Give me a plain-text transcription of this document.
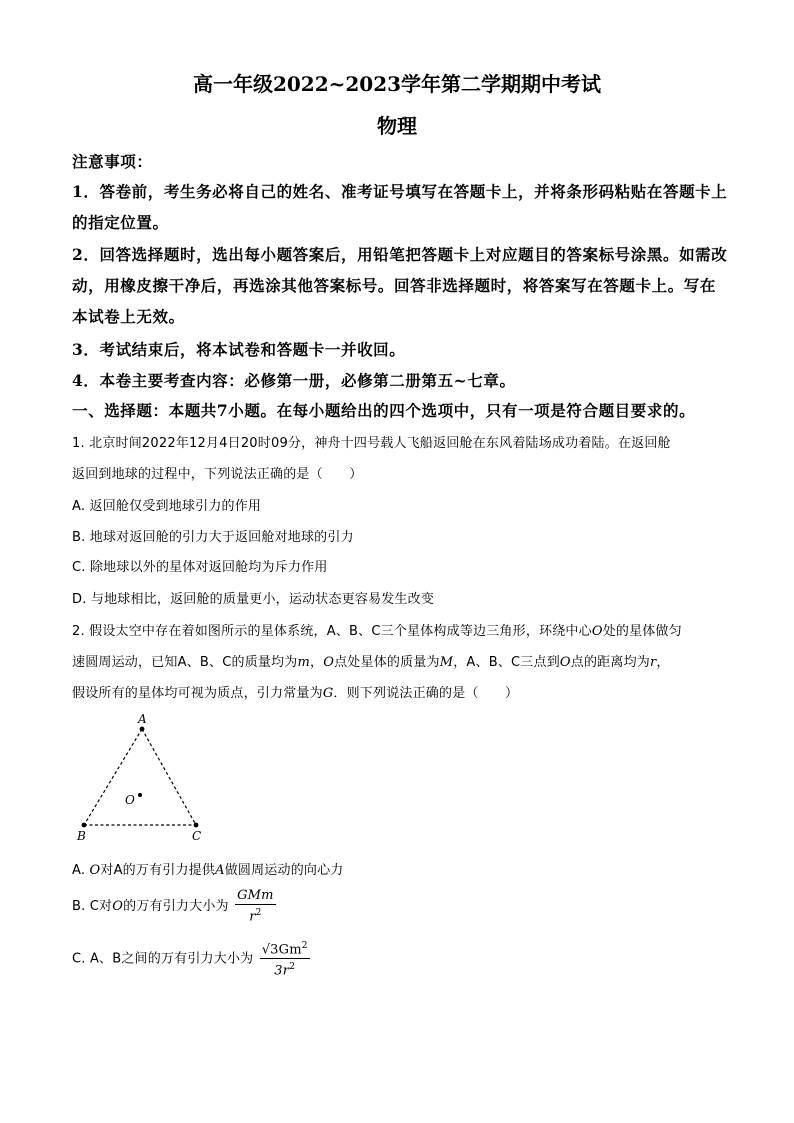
高一年级2022~2023学年第二学期期中考试
物理
注意事项：
1．答卷前，考生务必将自己的姓名、准考证号填写在答题卡上，并将条形码粘贴在答题卡上
的指定位置。
2．回答选择题时，选出每小题答案后，用铅笔把答题卡上对应题目的答案标号涂黑。如需改
动，用橡皮擦干净后，再选涂其他答案标号。回答非选择题时，将答案写在答题卡上。写在
本试卷上无效。
3．考试结束后，将本试卷和答题卡一并收回。
4．本卷主要考查内容：必修第一册，必修第二册第五~七章。
一、选择题：本题共7小题。在每小题给出的四个选项中，只有一项是符合题目要求的。
1. 北京时间2022年12月4日20时09分，神舟十四号载人飞船返回舱在东风着陆场成功着陆。在返回舱
返回到地球的过程中，下列说法正确的是（　　）
A. 返回舱仅受到地球引力的作用
B. 地球对返回舱的引力大于返回舱对地球的引力
C. 除地球以外的星体对返回舱均为斥力作用
D. 与地球相比，返回舱的质量更小，运动状态更容易发生改变
2. 假设太空中存在着如图所示的星体系统，A、B、C三个星体构成等边三角形，环绕中心O处的星体做匀
速圆周运动，已知A、B、C的质量均为m，O点处星体的质量为M，A、B、C三点到O点的距离均为r，
假设所有的星体均可视为质点，引力常量为G．则下列说法正确的是（　　）
A
B	C
O
A. O对A的万有引力提供A做圆周运动的向心力
B. C对O的万有引力大小为 $\frac{\text{GMm}}{r^2}$
C. A、B之间的万有引力大小为 $\frac{√3Gm^2}{3r^2}$
